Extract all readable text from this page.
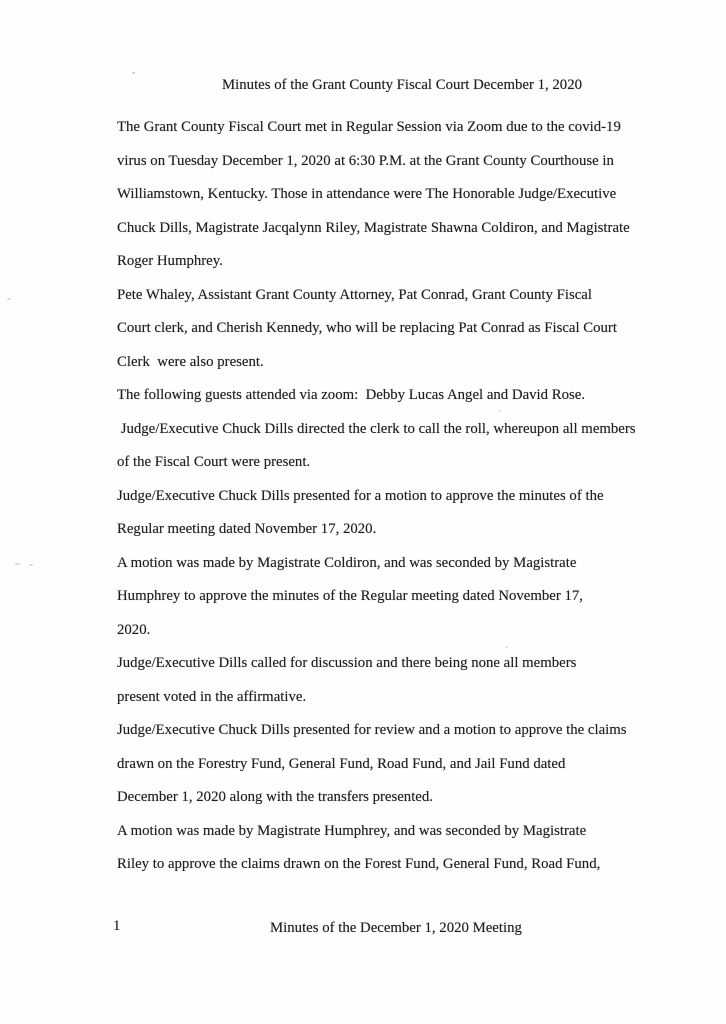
Minutes of the Grant County Fiscal Court December 1, 2020
The Grant County Fiscal Court met in Regular Session via Zoom due to the covid-19
virus on Tuesday December 1, 2020 at 6:30 P.M. at the Grant County Courthouse in
Williamstown, Kentucky. Those in attendance were The Honorable Judge/Executive
Chuck Dills, Magistrate Jacqalynn Riley, Magistrate Shawna Coldiron, and Magistrate
Roger Humphrey.
Pete Whaley, Assistant Grant County Attorney, Pat Conrad, Grant County Fiscal
Court clerk, and Cherish Kennedy, who will be replacing Pat Conrad as Fiscal Court
Clerk  were also present.
The following guests attended via zoom:  Debby Lucas Angel and David Rose.
Judge/Executive Chuck Dills directed the clerk to call the roll, whereupon all members
of the Fiscal Court were present.
Judge/Executive Chuck Dills presented for a motion to approve the minutes of the
Regular meeting dated November 17, 2020.
A motion was made by Magistrate Coldiron, and was seconded by Magistrate
Humphrey to approve the minutes of the Regular meeting dated November 17,
2020.
Judge/Executive Dills called for discussion and there being none all members
present voted in the affirmative.
Judge/Executive Chuck Dills presented for review and a motion to approve the claims
drawn on the Forestry Fund, General Fund, Road Fund, and Jail Fund dated
December 1, 2020 along with the transfers presented.
A motion was made by Magistrate Humphrey, and was seconded by Magistrate
Riley to approve the claims drawn on the Forest Fund, General Fund, Road Fund,
1	Minutes of the December 1, 2020 Meeting
